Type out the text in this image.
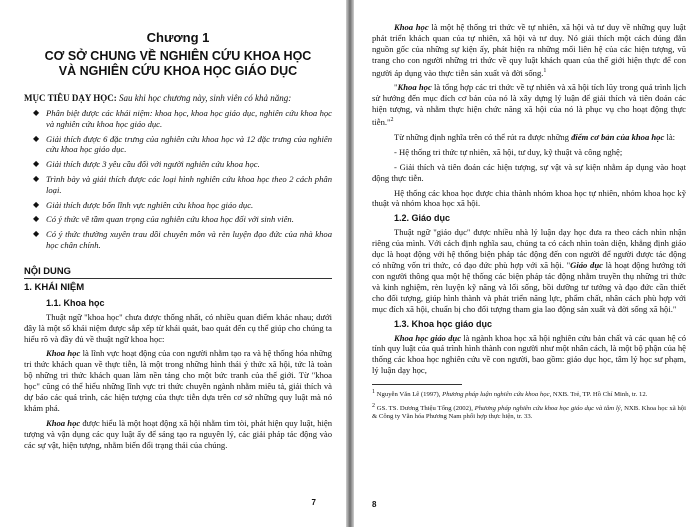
Chương 1
CƠ SỞ CHUNG VỀ NGHIÊN CỨU KHOA HỌC
VÀ NGHIÊN CỨU KHOA HỌC GIÁO DỤC
MỤC TIÊU DẠY HỌC: Sau khi học chương này, sinh viên có khả năng:
◆ Phân biệt được các khái niệm: khoa học, khoa học giáo dục, nghiên cứu khoa học và nghiên cứu khoa học giáo dục.
◆ Giải thích được 6 đặc trưng của nghiên cứu khoa học và 12 đặc trưng của nghiên cứu khoa học giáo dục.
◆ Giải thích được 3 yêu cầu đối với người nghiên cứu khoa học.
◆ Trình bày và giải thích được các loại hình nghiên cứu khoa học theo 2 cách phân loại.
◆ Giải thích được bốn lĩnh vực nghiên cứu khoa học giáo dục.
◆ Có ý thức về tầm quan trọng của nghiên cứu khoa học đối với sinh viên.
◆ Có ý thức thường xuyên trau dồi chuyên môn và rèn luyện đạo đức của nhà khoa học chân chính.
NỘI DUNG
1. KHÁI NIỆM
1.1. Khoa học

Thuật ngữ "khoa học" chưa được thống nhất, có nhiều quan điểm khác nhau; dưới đây là một số khái niệm được sắp xếp từ khái quát, bao quát đến cụ thể giúp cho chúng ta hiểu rõ và đầy đủ về thuật ngữ khoa học:

Khoa học là lĩnh vực hoạt động của con người nhằm tạo ra và hệ thống hóa những tri thức khách quan về thực tiễn, là một trong những hình thái ý thức xã hội, tức là toàn bộ những tri thức khách quan làm nền tảng cho một bức tranh của thế giới. Từ "khoa học" cũng có thể hiểu những lĩnh vực tri thức chuyên ngành nhằm miêu tả, giải thích và dự báo các quá trình, các hiện tượng của thực tiễn dựa trên cơ sở những quy luật mà nó khám phá.

Khoa học được hiểu là một hoạt động xã hội nhằm tìm tòi, phát hiện quy luật, hiện tượng và vận dụng các quy luật ấy để sáng tạo ra nguyên lý, các giải pháp tác động vào các sự vật, hiện tượng, nhằm biến đổi trạng thái của chúng.

7

Khoa học là một hệ thống tri thức về tự nhiên, xã hội và tư duy về những quy luật phát triển khách quan của tự nhiên, xã hội và tư duy. Nó giải thích một cách đúng đắn nguồn gốc của những sự kiện ấy, phát hiện ra những mối liên hệ của các hiện tượng, vũ trang cho con người những tri thức về quy luật khách quan của thế giới hiện thực để con người áp dụng vào thực tiễn sản xuất và đời sống.$^1$

"Khoa học là tổng hợp các tri thức về tự nhiên và xã hội tích lũy trong quá trình lịch sử hướng đến mục đích cơ bản của nó là xây dựng lý luận để giải thích và tiên đoán các hiện tượng, và nhằm thực hiện chức năng xã hội của nó là phục vụ cho hoạt động thực tiễn."$^2$

Từ những định nghĩa trên có thể rút ra được những điểm cơ bản của khoa học là:

- Hệ thống tri thức tự nhiên, xã hội, tư duy, kỹ thuật và công nghệ;

- Giải thích và tiên đoán các hiện tượng, sự vật và sự kiện nhằm áp dụng vào hoạt động thực tiễn.

Hệ thống các khoa học được chia thành nhóm khoa học tự nhiên, nhóm khoa học kỹ thuật và nhóm khoa học xã hội.

1.2. Giáo dục

Thuật ngữ "giáo dục" được nhiều nhà lý luận dạy học đưa ra theo cách nhìn nhận riêng của mình. Với cách định nghĩa sau, chúng ta có cách nhìn toàn diện, khẳng định giáo dục là hoạt động với hệ thống biện pháp tác động đến con người để người được tác động có những vốn tri thức, có đạo đức phù hợp với xã hội. "Giáo dục là hoạt động hướng tới con người thông qua một hệ thống các biện pháp tác động nhằm truyền thụ những tri thức và kinh nghiệm, rèn luyện kỹ năng và lối sống, bồi dưỡng tư tưởng và đạo đức cần thiết cho đối tượng, giúp hình thành và phát triển năng lực, phẩm chất, nhân cách phù hợp với mục đích xã hội, chuẩn bị cho đối tượng tham gia lao động sản xuất và đời sống xã hội."

1.3. Khoa học giáo dục

Khoa học giáo dục là ngành khoa học xã hội nghiên cứu bản chất và các quan hệ có tính quy luật của quá trình hình thành con người như một nhân cách, là một bộ phận của hệ thống các khoa học nghiên cứu về con người, bao gồm: giáo dục học, tâm lý học sư phạm, lý luận dạy học,

$^1$ Nguyễn Văn Lê (1997), Phương pháp luận nghiên cứu khoa học, NXB. Trẻ, TP. Hồ Chí Minh, tr. 12.

$^2$ GS. TS. Dương Thiệu Tống (2002), Phương pháp nghiên cứu khoa học giáo dục và tâm lý, NXB. Khoa học xã hội & Công ty Văn hóa Phương Nam phối hợp thực hiện, tr. 33.

8
